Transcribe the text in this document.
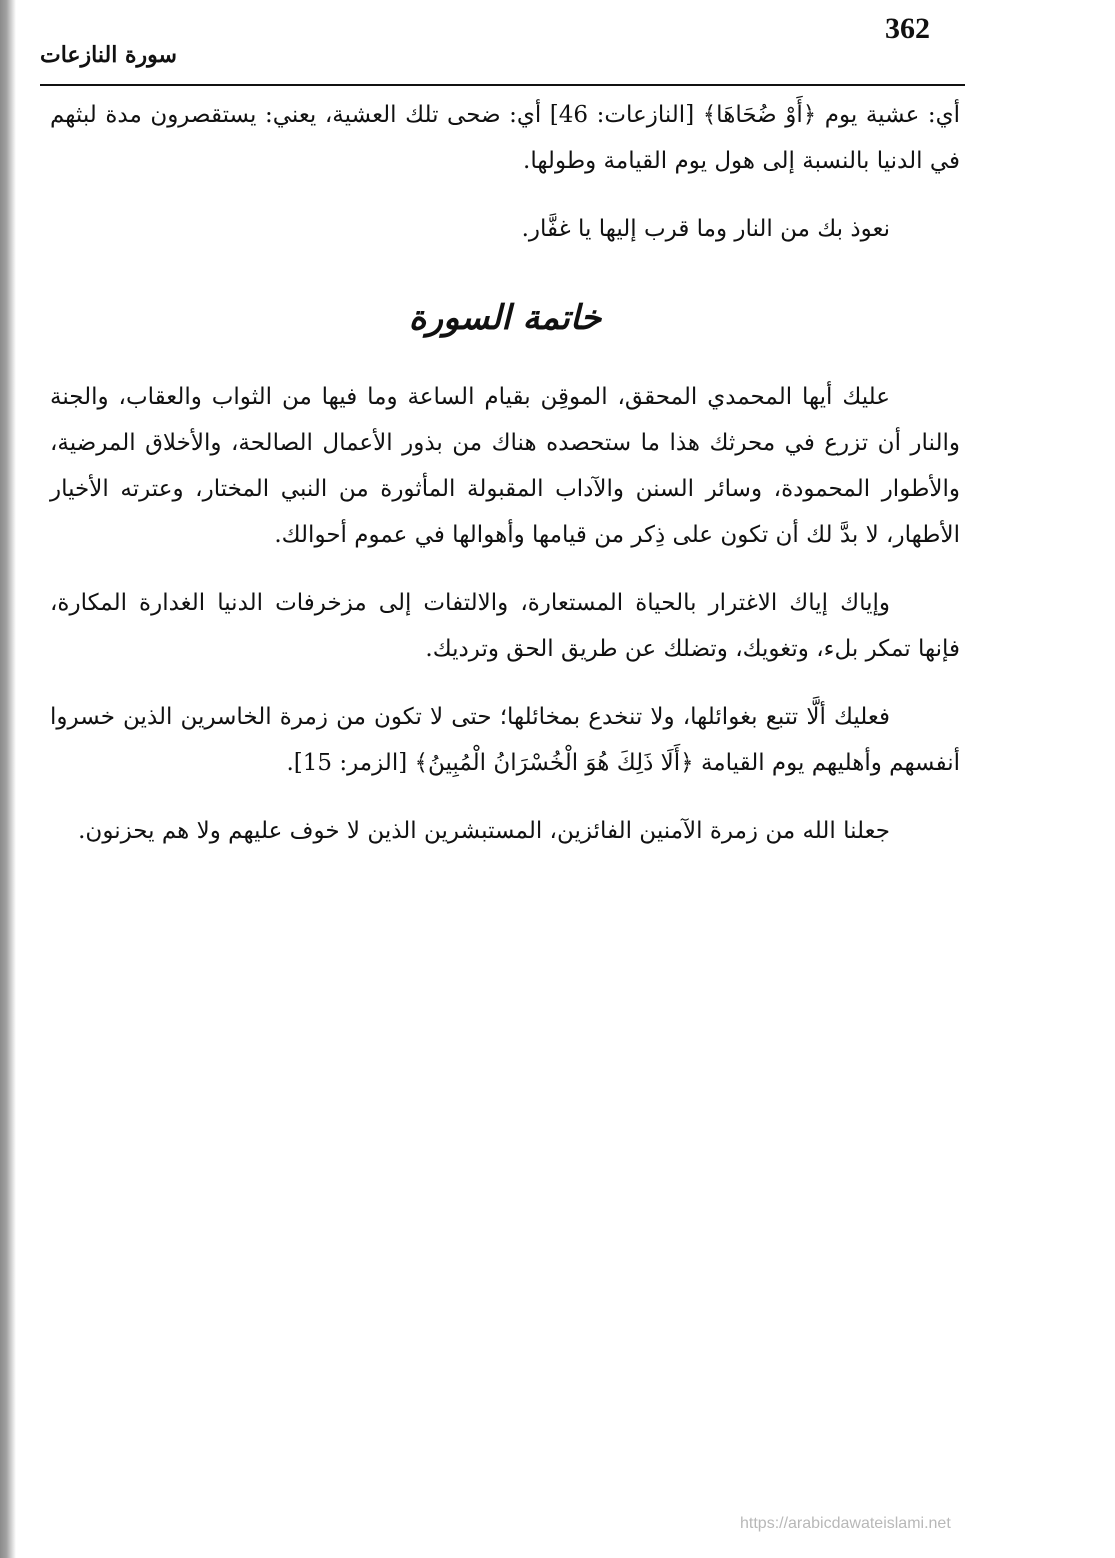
362
سورة النازعات

أي: عشية يوم ﴿أَوْ ضُحَاهَا﴾ [النازعات: 46] أي: ضحى تلك العشية، يعني: يستقصرون مدة لبثهم في الدنيا بالنسبة إلى هول يوم القيامة وطولها.

نعوذ بك من النار وما قرب إليها يا غفَّار.

خاتمة السورة

عليك أيها المحمدي المحقق، الموقِن بقيام الساعة وما فيها من الثواب والعقاب، والجنة والنار أن تزرع في محرثك هذا ما ستحصده هناك من بذور الأعمال الصالحة، والأخلاق المرضية، والأطوار المحمودة، وسائر السنن والآداب المقبولة المأثورة من النبي المختار، وعترته الأخيار الأطهار، لا بدَّ لك أن تكون على ذِكر من قيامها وأهوالها في عموم أحوالك.

وإياك إياك الاغترار بالحياة المستعارة، والالتفات إلى مزخرفات الدنيا الغدارة المكارة، فإنها تمكر بلء، وتغويك، وتضلك عن طريق الحق وترديك.

فعليك ألَّا تتبع بغوائلها، ولا تنخدع بمخائلها؛ حتى لا تكون من زمرة الخاسرين الذين خسروا أنفسهم وأهليهم يوم القيامة ﴿أَلَا ذَلِكَ هُوَ الْخُسْرَانُ الْمُبِينُ﴾ [الزمر: 15].

جعلنا الله من زمرة الآمنين الفائزين، المستبشرين الذين لا خوف عليهم ولا هم يحزنون.

https://arabicdawateislami.net
